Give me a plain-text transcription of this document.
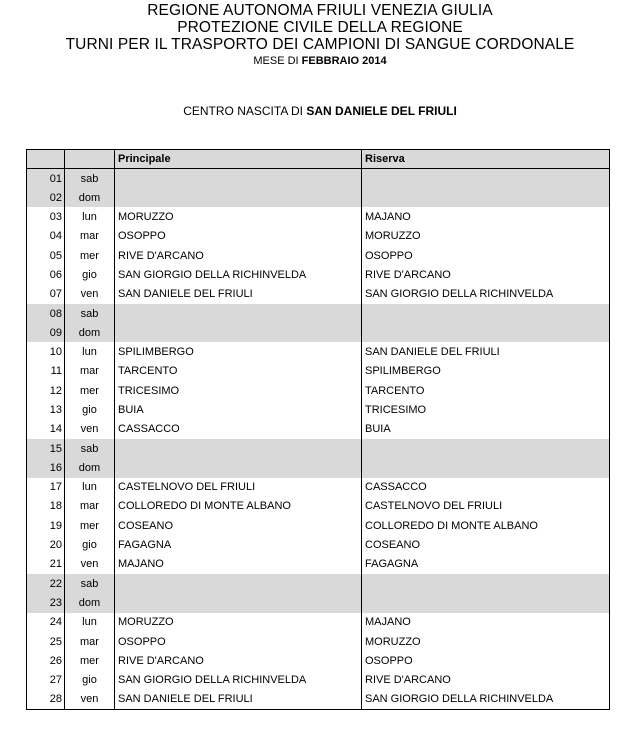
REGIONE AUTONOMA FRIULI VENEZIA GIULIA
PROTEZIONE CIVILE DELLA REGIONE
TURNI PER IL TRASPORTO DEI CAMPIONI DI SANGUE CORDONALE
MESE DI FEBBRAIO 2014
CENTRO NASCITA DI SAN DANIELE DEL FRIULI
		Principale	Riserva
01	sab		
02	dom		
03	lun	MORUZZO	MAJANO
04	mar	OSOPPO	MORUZZO
05	mer	RIVE D'ARCANO	OSOPPO
06	gio	SAN GIORGIO DELLA RICHINVELDA	RIVE D'ARCANO
07	ven	SAN DANIELE DEL FRIULI	SAN GIORGIO DELLA RICHINVELDA
08	sab		
09	dom		
10	lun	SPILIMBERGO	SAN DANIELE DEL FRIULI
11	mar	TARCENTO	SPILIMBERGO
12	mer	TRICESIMO	TARCENTO
13	gio	BUIA	TRICESIMO
14	ven	CASSACCO	BUIA
15	sab		
16	dom		
17	lun	CASTELNOVO DEL FRIULI	CASSACCO
18	mar	COLLOREDO DI MONTE ALBANO	CASTELNOVO DEL FRIULI
19	mer	COSEANO	COLLOREDO DI MONTE ALBANO
20	gio	FAGAGNA	COSEANO
21	ven	MAJANO	FAGAGNA
22	sab		
23	dom		
24	lun	MORUZZO	MAJANO
25	mar	OSOPPO	MORUZZO
26	mer	RIVE D'ARCANO	OSOPPO
27	gio	SAN GIORGIO DELLA RICHINVELDA	RIVE D'ARCANO
28	ven	SAN DANIELE DEL FRIULI	SAN GIORGIO DELLA RICHINVELDA
